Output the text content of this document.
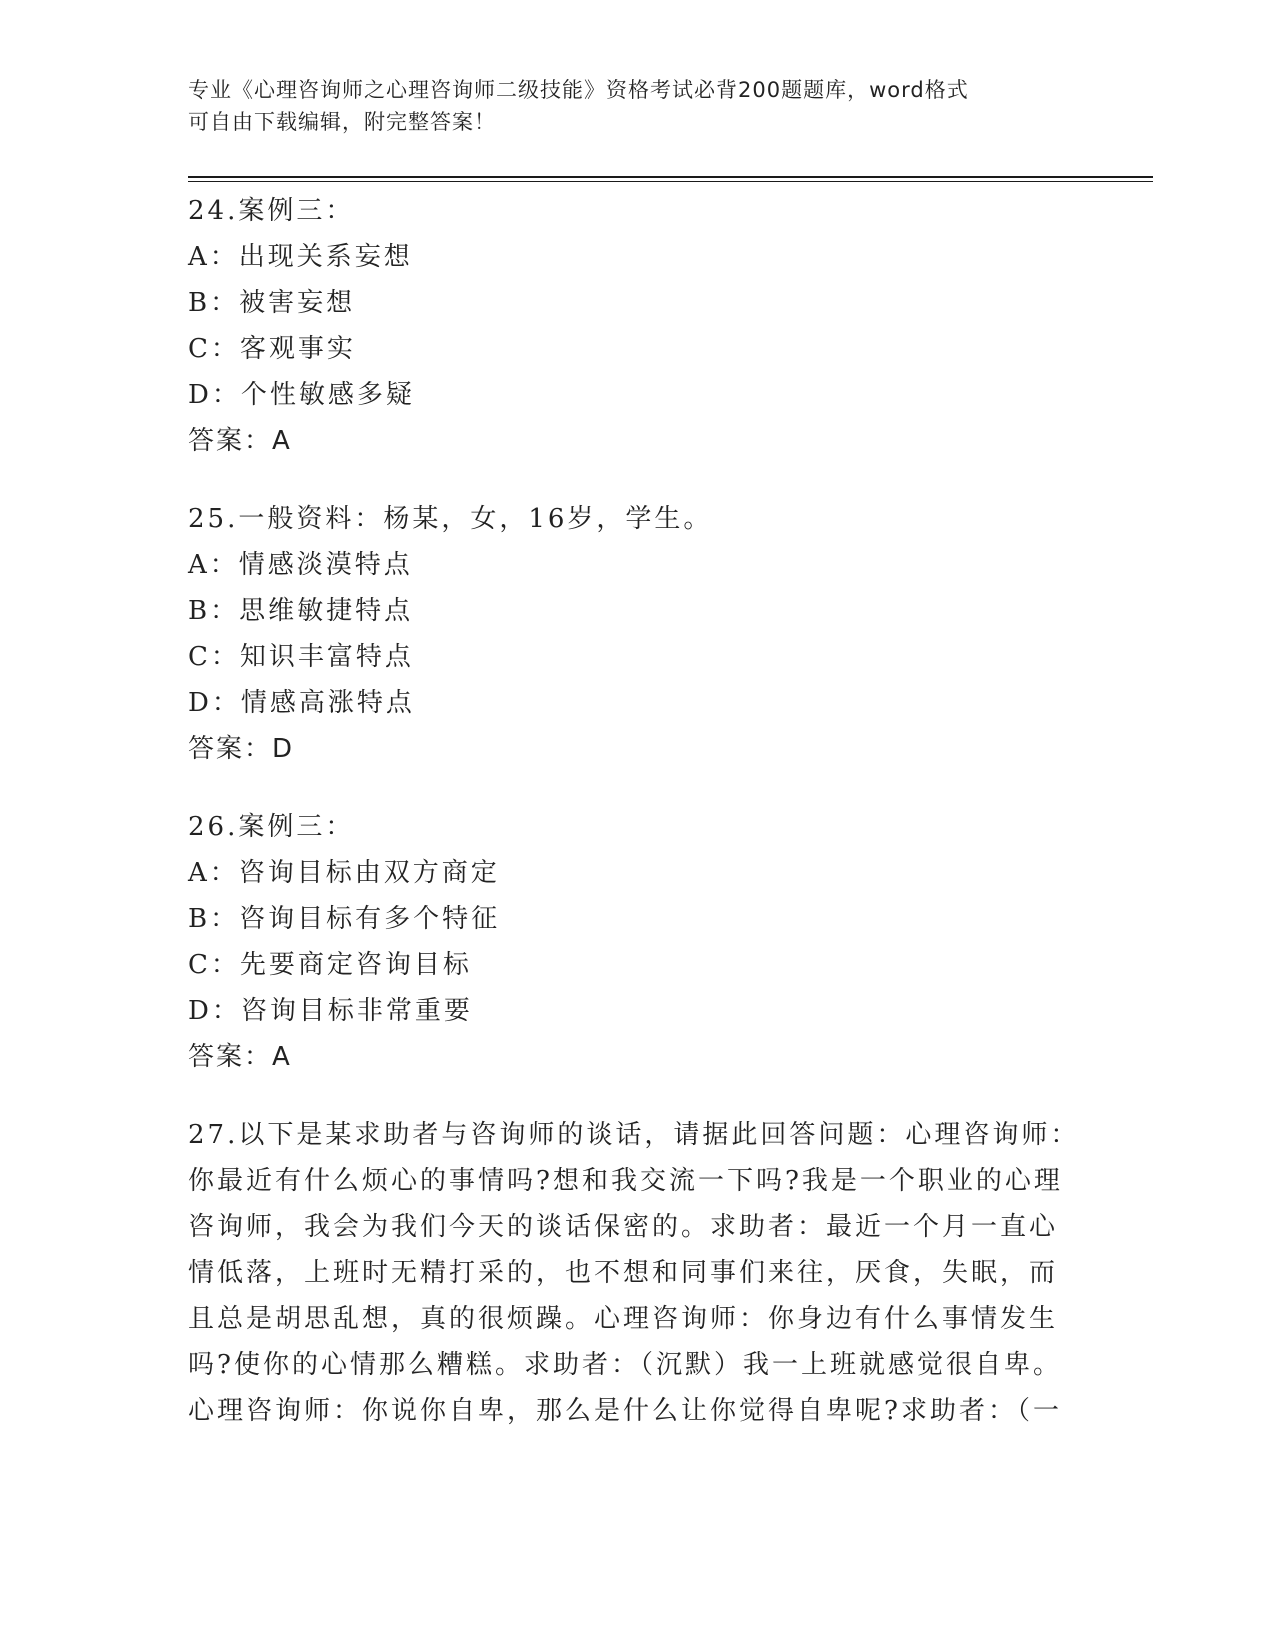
专业《心理咨询师之心理咨询师二级技能》资格考试必背200题题库，word格式
可自由下载编辑，附完整答案！
24.案例三：
A：出现关系妄想
B：被害妄想
C：客观事实
D：个性敏感多疑
答案：A
25.一般资料：杨某，女，16岁，学生。
A：情感淡漠特点
B：思维敏捷特点
C：知识丰富特点
D：情感高涨特点
答案：D
26.案例三：
A：咨询目标由双方商定
B：咨询目标有多个特征
C：先要商定咨询目标
D：咨询目标非常重要
答案：A
27.以下是某求助者与咨询师的谈话，请据此回答问题：心理咨询师：
你最近有什么烦心的事情吗?想和我交流一下吗?我是一个职业的心理
咨询师，我会为我们今天的谈话保密的。求助者：最近一个月一直心
情低落，上班时无精打采的，也不想和同事们来往，厌食，失眠，而
且总是胡思乱想，真的很烦躁。心理咨询师：你身边有什么事情发生
吗?使你的心情那么糟糕。求助者：（沉默）我一上班就感觉很自卑。
心理咨询师：你说你自卑，那么是什么让你觉得自卑呢?求助者：（一
